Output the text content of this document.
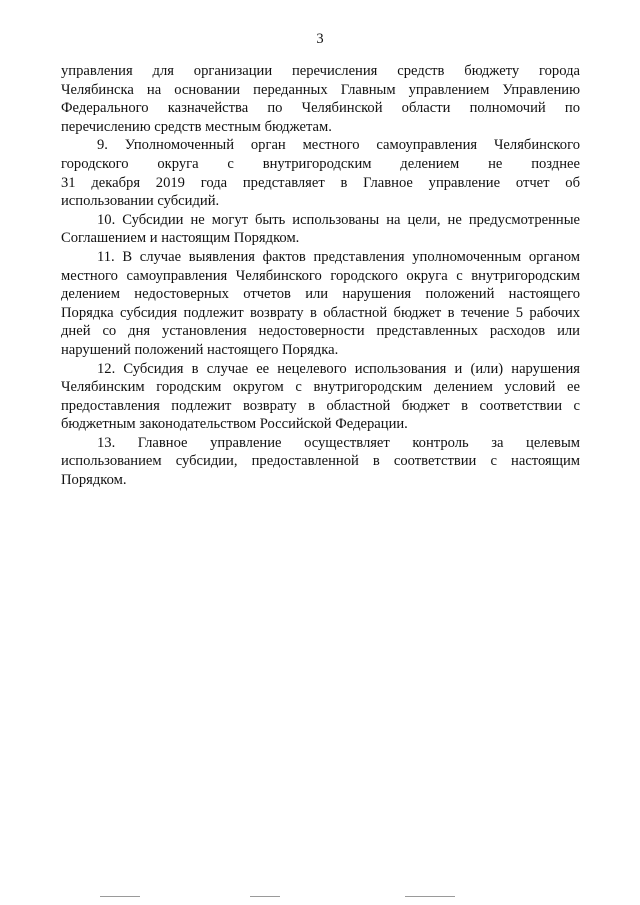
3
управления для организации перечисления средств бюджету города
Челябинска на основании переданных Главным управлением Управлению
Федерального казначейства по Челябинской области полномочий по
перечислению средств местным бюджетам.
9. Уполномоченный орган местного самоуправления Челябинского
городского округа с внутригородским делением не позднее
31 декабря 2019 года представляет в Главное управление отчет об
использовании субсидий.
10. Субсидии не могут быть использованы на цели, не предусмотренные
Соглашением и настоящим Порядком.
11. В случае выявления фактов представления уполномоченным органом
местного самоуправления Челябинского городского округа с внутригородским
делением недостоверных отчетов или нарушения положений настоящего
Порядка субсидия подлежит возврату в областной бюджет в течение 5 рабочих
дней со дня установления недостоверности представленных расходов или
нарушений положений настоящего Порядка.
12. Субсидия в случае ее нецелевого использования и (или) нарушения
Челябинским городским округом с внутригородским делением условий ее
предоставления подлежит возврату в областной бюджет в соответствии с
бюджетным законодательством Российской Федерации.
13. Главное управление осуществляет контроль за целевым
использованием субсидии, предоставленной в соответствии с настоящим
Порядком.
